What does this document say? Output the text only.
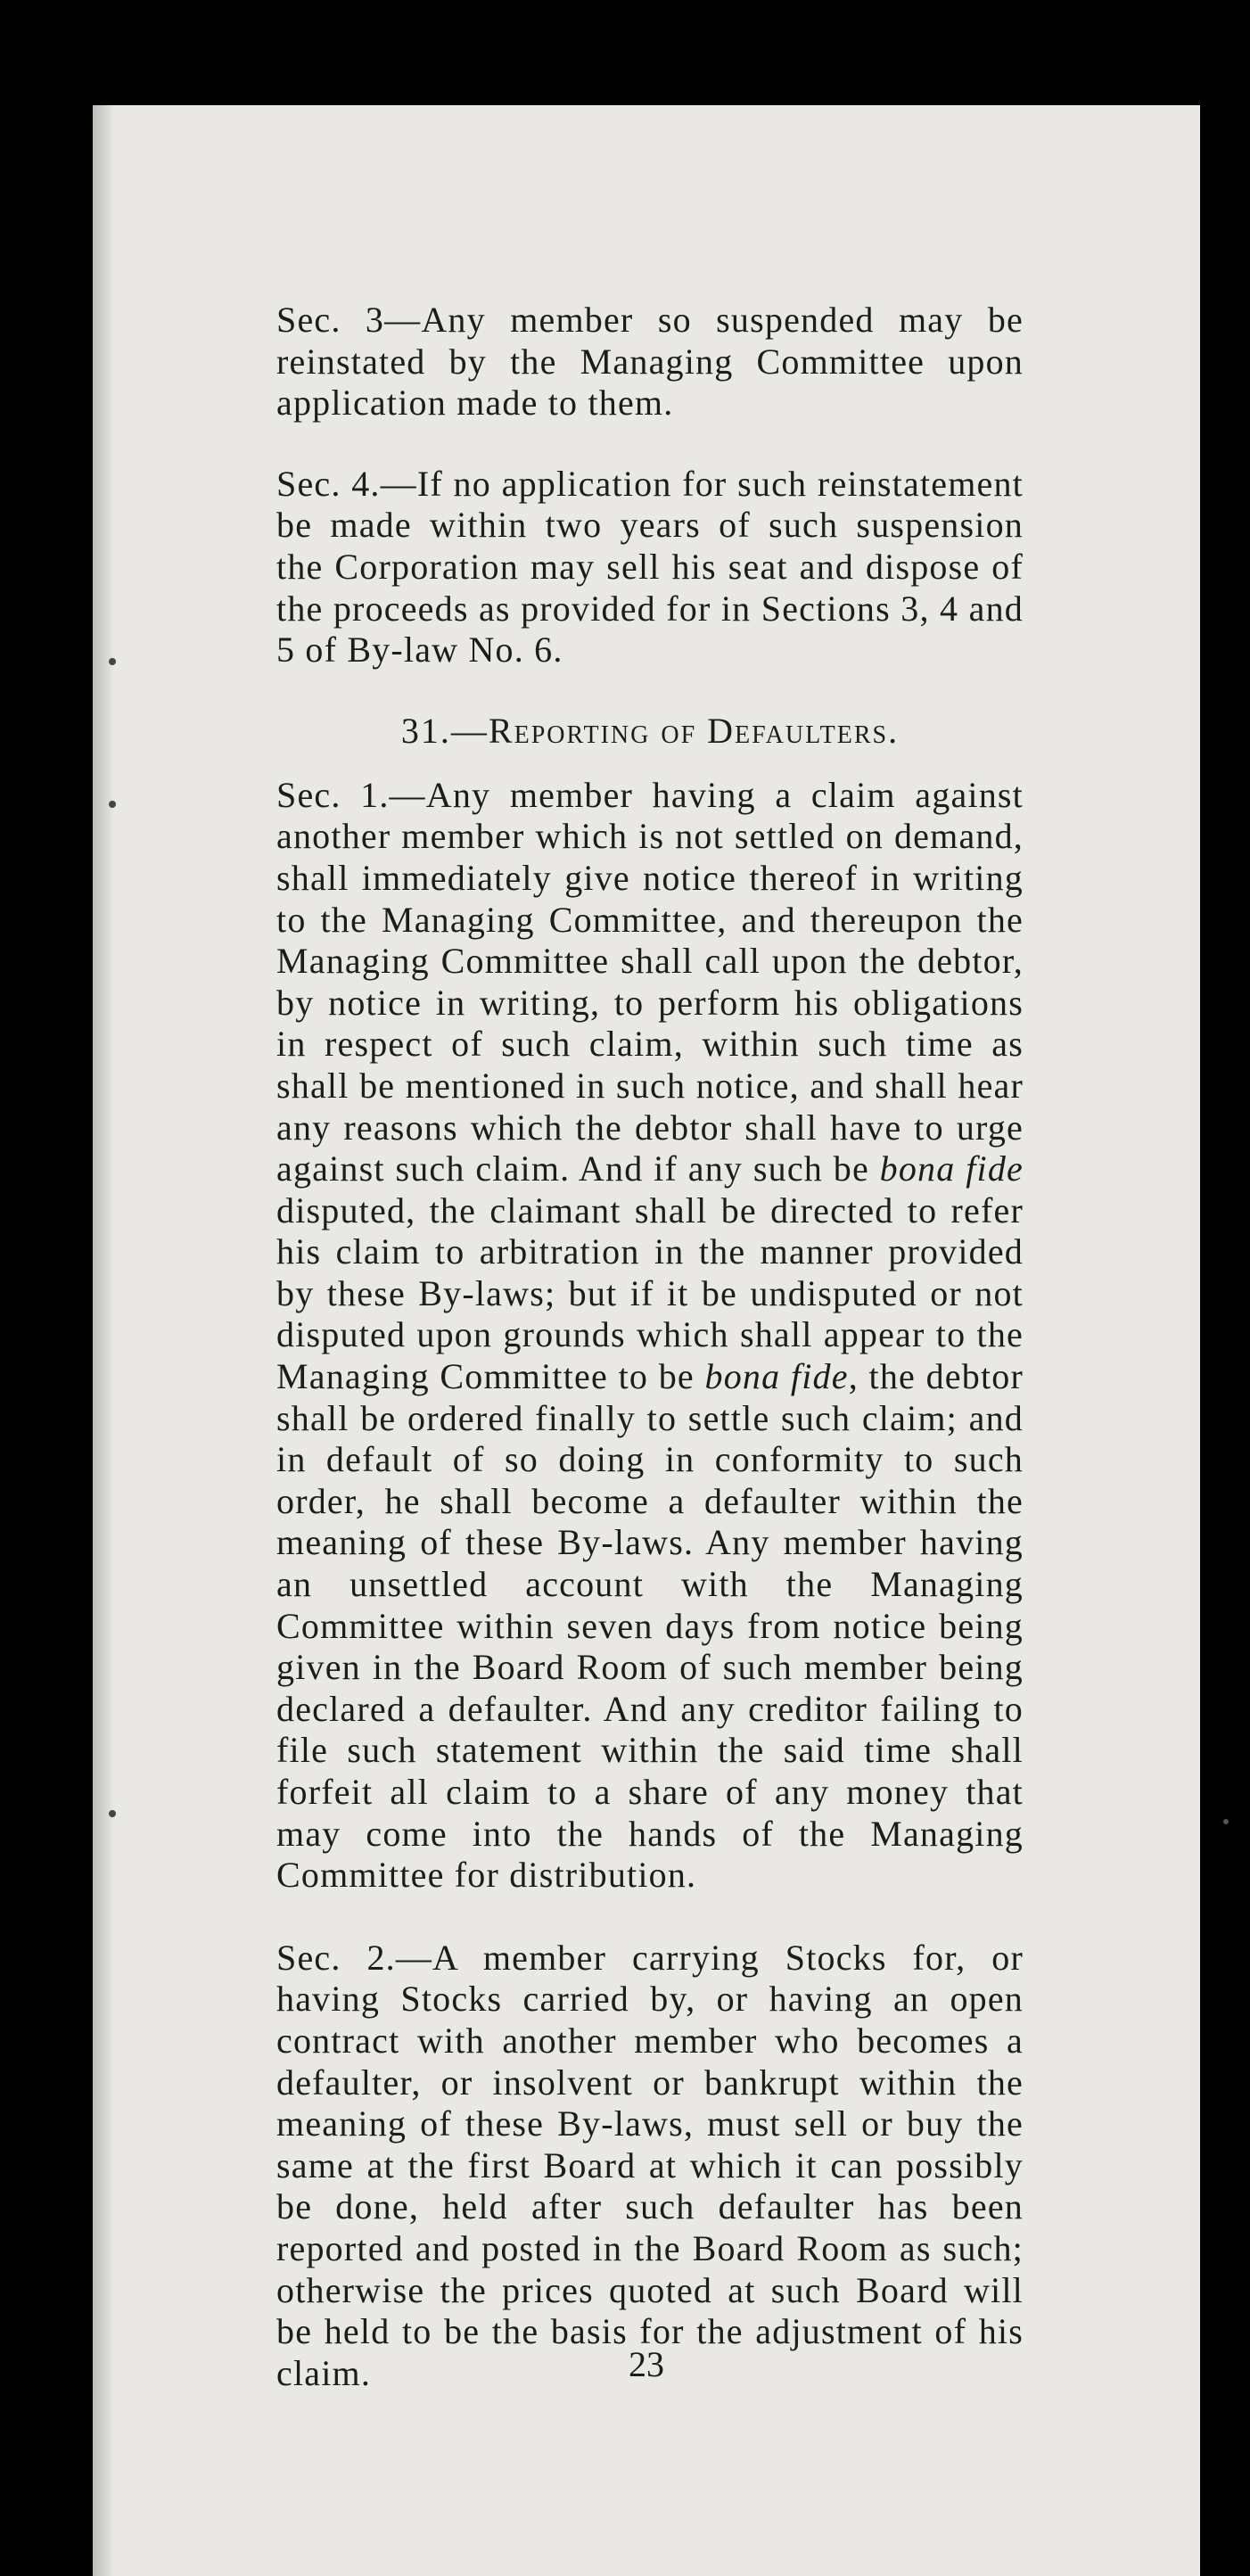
Sec. 3—Any member so suspended may be reinstated by the Managing Committee upon application made to them.

Sec. 4.—If no application for such reinstatement be made within two years of such suspension the Corporation may sell his seat and dispose of the proceeds as provided for in Sections 3, 4 and 5 of By-law No. 6.

31.—Reporting of Defaulters.

Sec. 1.—Any member having a claim against another member which is not settled on demand, shall immediately give notice thereof in writing to the Managing Committee, and thereupon the Managing Committee shall call upon the debtor, by notice in writing, to perform his obligations in respect of such claim, within such time as shall be mentioned in such notice, and shall hear any reasons which the debtor shall have to urge against such claim. And if any such be bona fide disputed, the claimant shall be directed to refer his claim to arbitration in the manner provided by these By-laws; but if it be undisputed or not disputed upon grounds which shall appear to the Managing Committee to be bona fide, the debtor shall be ordered finally to settle such claim; and in default of so doing in conformity to such order, he shall become a defaulter within the meaning of these By-laws. Any member having an unsettled account with the Managing Committee within seven days from notice being given in the Board Room of such member being declared a defaulter. And any creditor failing to file such statement within the said time shall forfeit all claim to a share of any money that may come into the hands of the Managing Committee for distribution.

Sec. 2.—A member carrying Stocks for, or having Stocks carried by, or having an open contract with another member who becomes a defaulter, or insolvent or bankrupt within the meaning of these By-laws, must sell or buy the same at the first Board at which it can possibly be done, held after such defaulter has been reported and posted in the Board Room as such; otherwise the prices quoted at such Board will be held to be the basis for the adjustment of his claim.	23
